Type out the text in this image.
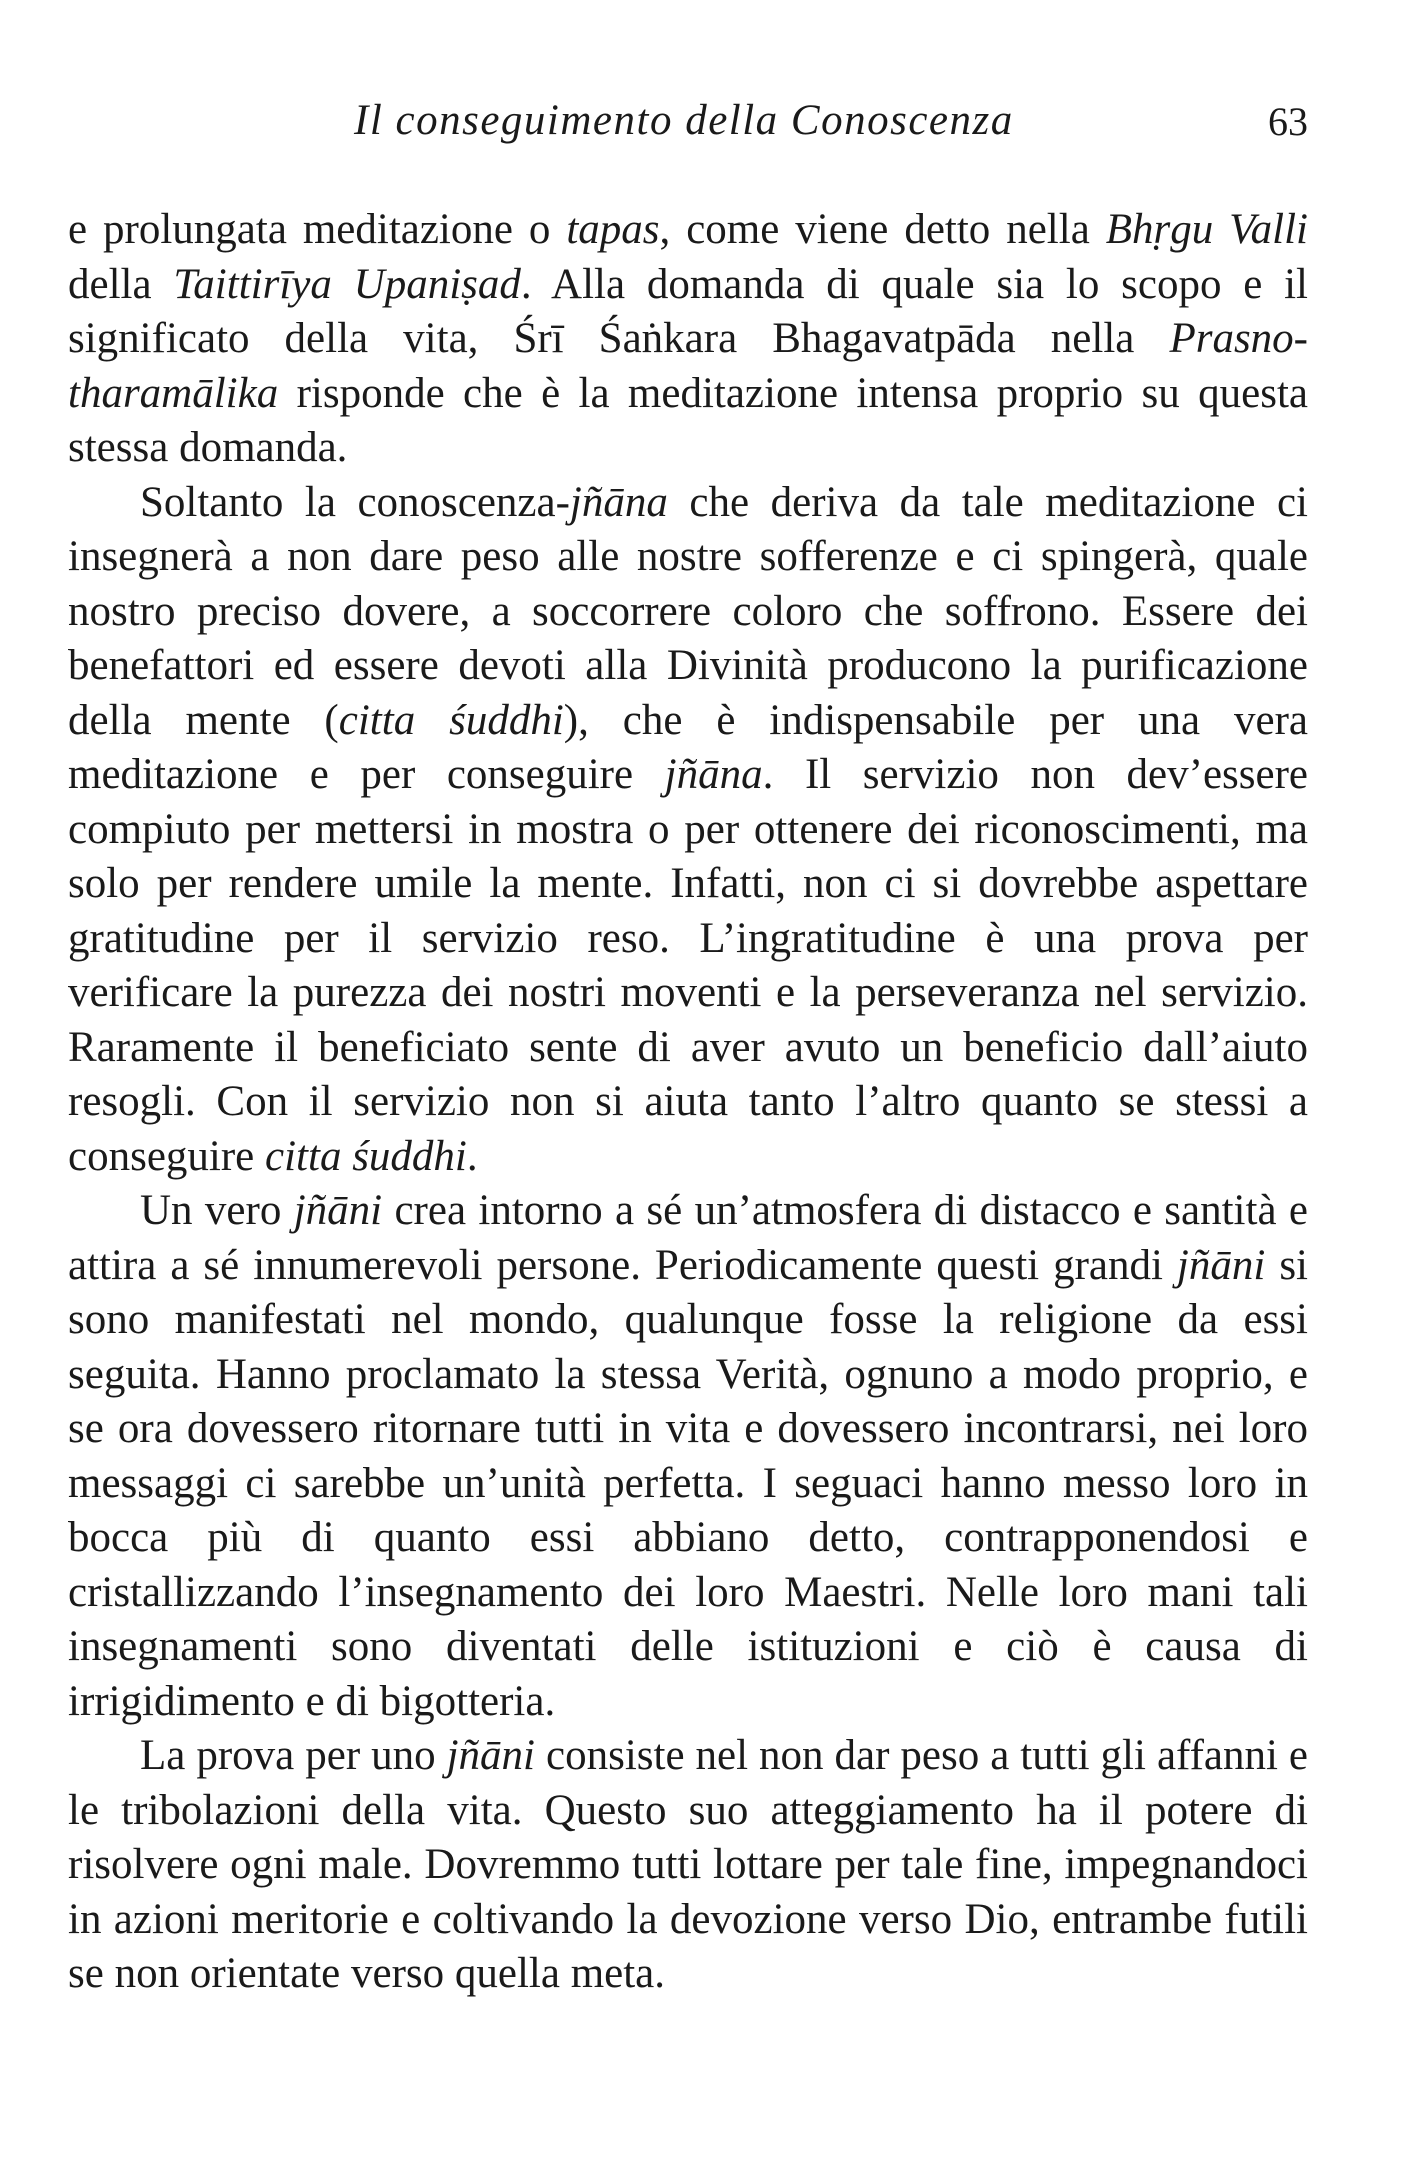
Il conseguimento della Conoscenza	63

e prolungata meditazione o tapas, come viene detto nella Bhṛgu Valli della Taittirīya Upaniṣad. Alla domanda di quale sia lo scopo e il significato della vita, Śrī Śaṅkara Bhagavatpāda nella Prasnotharamālika risponde che è la meditazione intensa proprio su questa stessa domanda.

Soltanto la conoscenza-jñāna che deriva da tale meditazione ci insegnerà a non dare peso alle nostre sofferenze e ci spingerà, quale nostro preciso dovere, a soccorrere coloro che soffrono. Essere dei benefattori ed essere devoti alla Divinità producono la purificazione della mente (citta śuddhi), che è indispensabile per una vera meditazione e per conseguire jñāna. Il servizio non dev’essere compiuto per mettersi in mostra o per ottenere dei riconoscimenti, ma solo per rendere umile la mente. Infatti, non ci si dovrebbe aspettare gratitudine per il servizio reso. L’ingratitudine è una prova per verificare la purezza dei nostri moventi e la perseveranza nel servizio. Raramente il beneficiato sente di aver avuto un beneficio dall’aiuto resogli. Con il servizio non si aiuta tanto l’altro quanto se stessi a conseguire citta śuddhi.

Un vero jñāni crea intorno a sé un’atmosfera di distacco e santità e attira a sé innumerevoli persone. Periodicamente questi grandi jñāni si sono manifestati nel mondo, qualunque fosse la religione da essi seguita. Hanno proclamato la stessa Verità, ognuno a modo proprio, e se ora dovessero ritornare tutti in vita e dovessero incontrarsi, nei loro messaggi ci sarebbe un’unità perfetta. I seguaci hanno messo loro in bocca più di quanto essi abbiano detto, contrapponendosi e cristallizzando l’insegnamento dei loro Maestri. Nelle loro mani tali insegnamenti sono diventati delle istituzioni e ciò è causa di irrigidimento e di bigotteria.

La prova per uno jñāni consiste nel non dar peso a tutti gli affanni e le tribolazioni della vita. Questo suo atteggiamento ha il potere di risolvere ogni male. Dovremmo tutti lottare per tale fine, impegnandoci in azioni meritorie e coltivando la devozione verso Dio, entrambe futili se non orientate verso quella meta.
